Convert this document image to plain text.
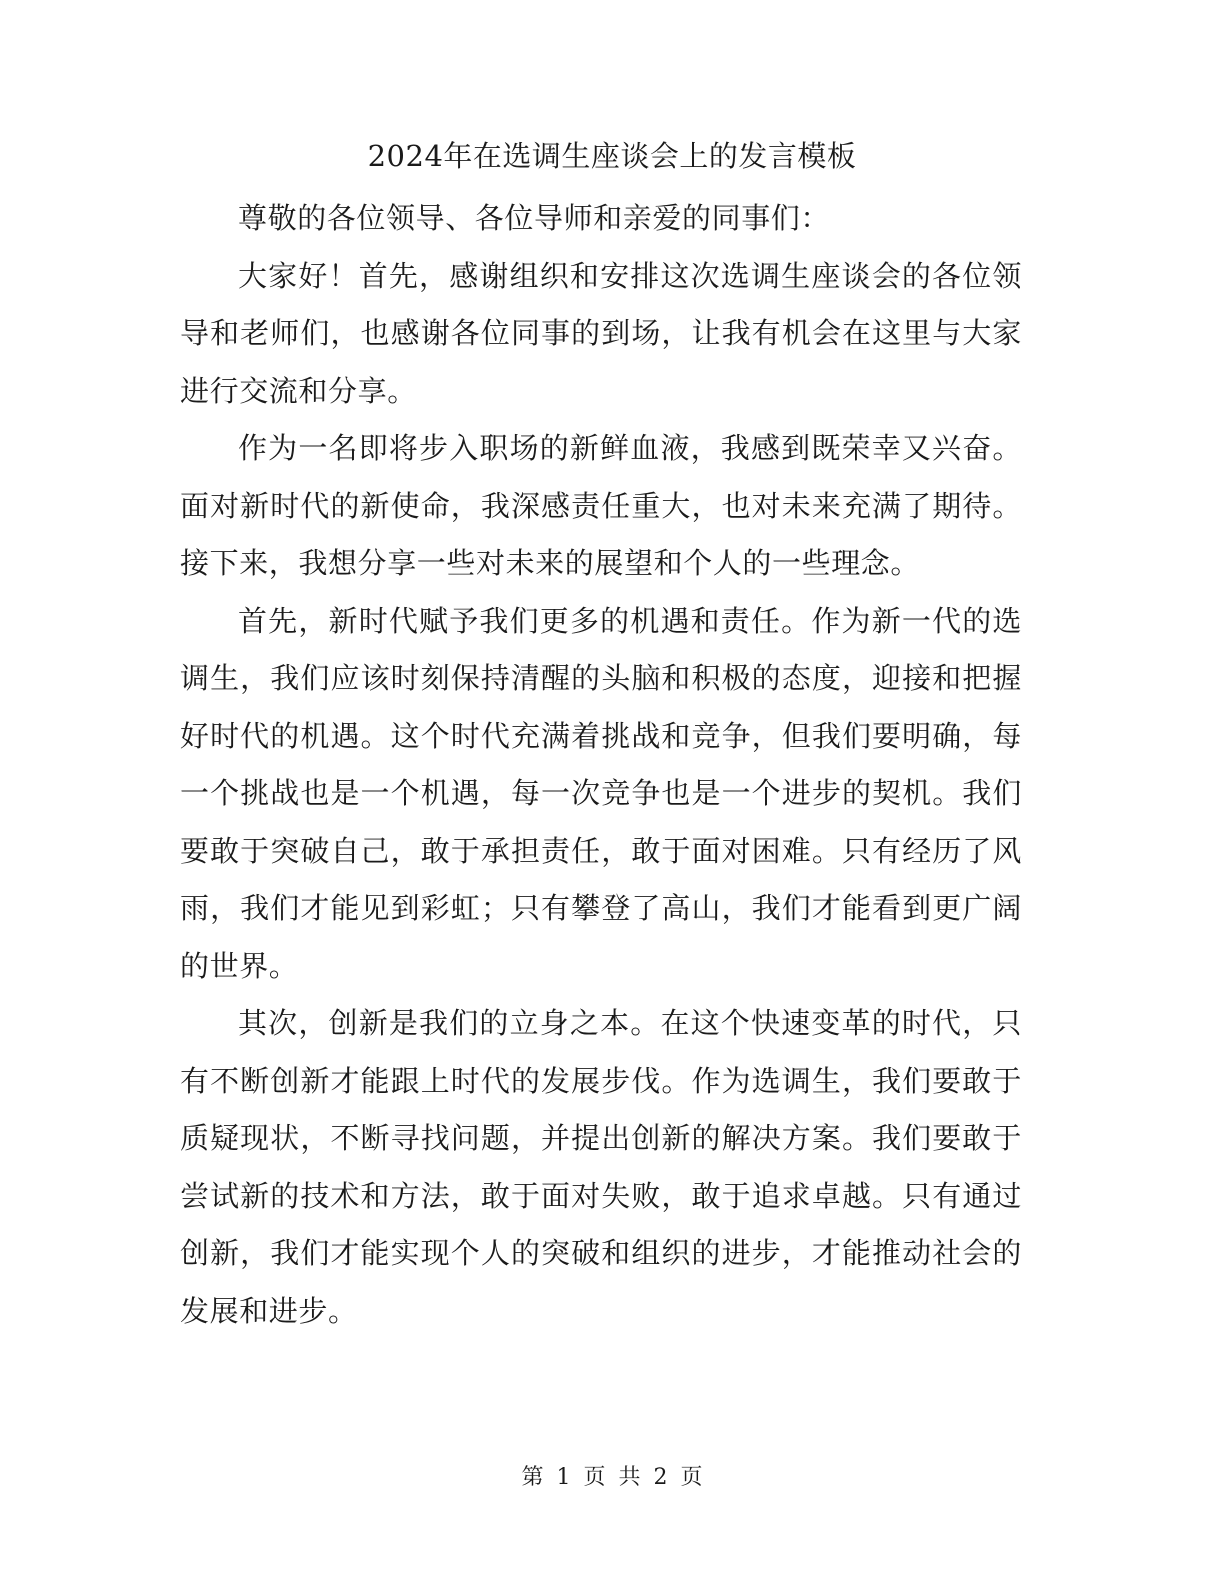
2024年在选调生座谈会上的发言模板

尊敬的各位领导、各位导师和亲爱的同事们：

大家好！首先，感谢组织和安排这次选调生座谈会的各位领导和老师们，也感谢各位同事的到场，让我有机会在这里与大家进行交流和分享。

作为一名即将步入职场的新鲜血液，我感到既荣幸又兴奋。面对新时代的新使命，我深感责任重大，也对未来充满了期待。接下来，我想分享一些对未来的展望和个人的一些理念。

首先，新时代赋予我们更多的机遇和责任。作为新一代的选调生，我们应该时刻保持清醒的头脑和积极的态度，迎接和把握好时代的机遇。这个时代充满着挑战和竞争，但我们要明确，每一个挑战也是一个机遇，每一次竞争也是一个进步的契机。我们要敢于突破自己，敢于承担责任，敢于面对困难。只有经历了风雨，我们才能见到彩虹；只有攀登了高山，我们才能看到更广阔的世界。

其次，创新是我们的立身之本。在这个快速变革的时代，只有不断创新才能跟上时代的发展步伐。作为选调生，我们要敢于质疑现状，不断寻找问题，并提出创新的解决方案。我们要敢于尝试新的技术和方法，敢于面对失败，敢于追求卓越。只有通过创新，我们才能实现个人的突破和组织的进步，才能推动社会的发展和进步。

第 1 页 共 2 页
